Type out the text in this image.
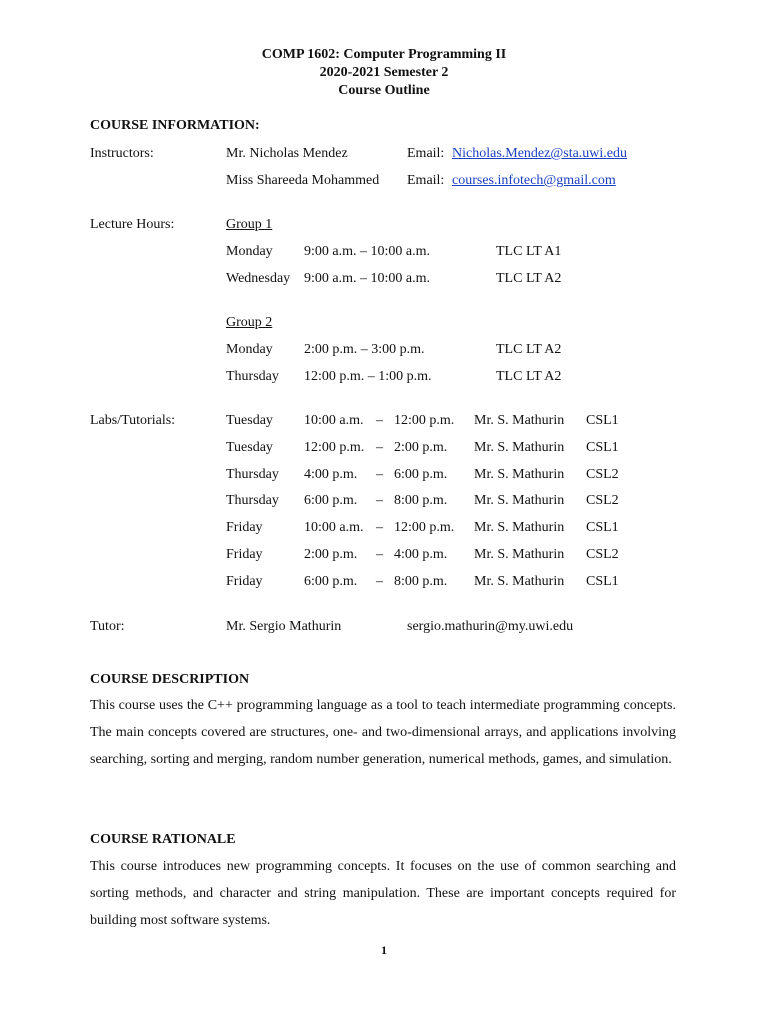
COMP 1602: Computer Programming II
2020-2021 Semester 2
Course Outline
COURSE INFORMATION:
Instructors:	Mr. Nicholas Mendez	Email: Nicholas.Mendez@sta.uwi.edu
Miss Shareeda Mohammed Email: courses.infotech@gmail.com
Lecture Hours:	Group 1
Monday 9:00 a.m. – 10:00 a.m.	TLC LT A1
Wednesday 9:00 a.m. – 10:00 a.m.	TLC LT A2
Group 2
Monday 2:00 p.m. – 3:00 p.m.	TLC LT A2
Thursday 12:00 p.m. – 1:00 p.m.	TLC LT A2
Labs/Tutorials:	Tuesday 10:00 a.m. – 12:00 p.m. Mr. S. Mathurin CSL1
Tuesday 12:00 p.m. – 2:00 p.m. Mr. S. Mathurin CSL1
Thursday 4:00 p.m. – 6:00 p.m. Mr. S. Mathurin CSL2
Thursday 6:00 p.m. – 8:00 p.m. Mr. S. Mathurin CSL2
Friday	10:00 a.m. – 12:00 p.m. Mr. S. Mathurin CSL1
Friday	2:00 p.m. – 4:00 p.m. Mr. S. Mathurin CSL2
Friday	6:00 p.m. – 8:00 p.m. Mr. S. Mathurin CSL1
Tutor:	Mr. Sergio Mathurin	sergio.mathurin@my.uwi.edu
COURSE DESCRIPTION
This course uses the C++ programming language as a tool to teach intermediate programming concepts. The main concepts covered are structures, one- and two-dimensional arrays, and applications involving searching, sorting and merging, random number generation, numerical methods, games, and simulation.
COURSE RATIONALE
This course introduces new programming concepts. It focuses on the use of common searching and sorting methods, and character and string manipulation. These are important concepts required for building most software systems.
1
